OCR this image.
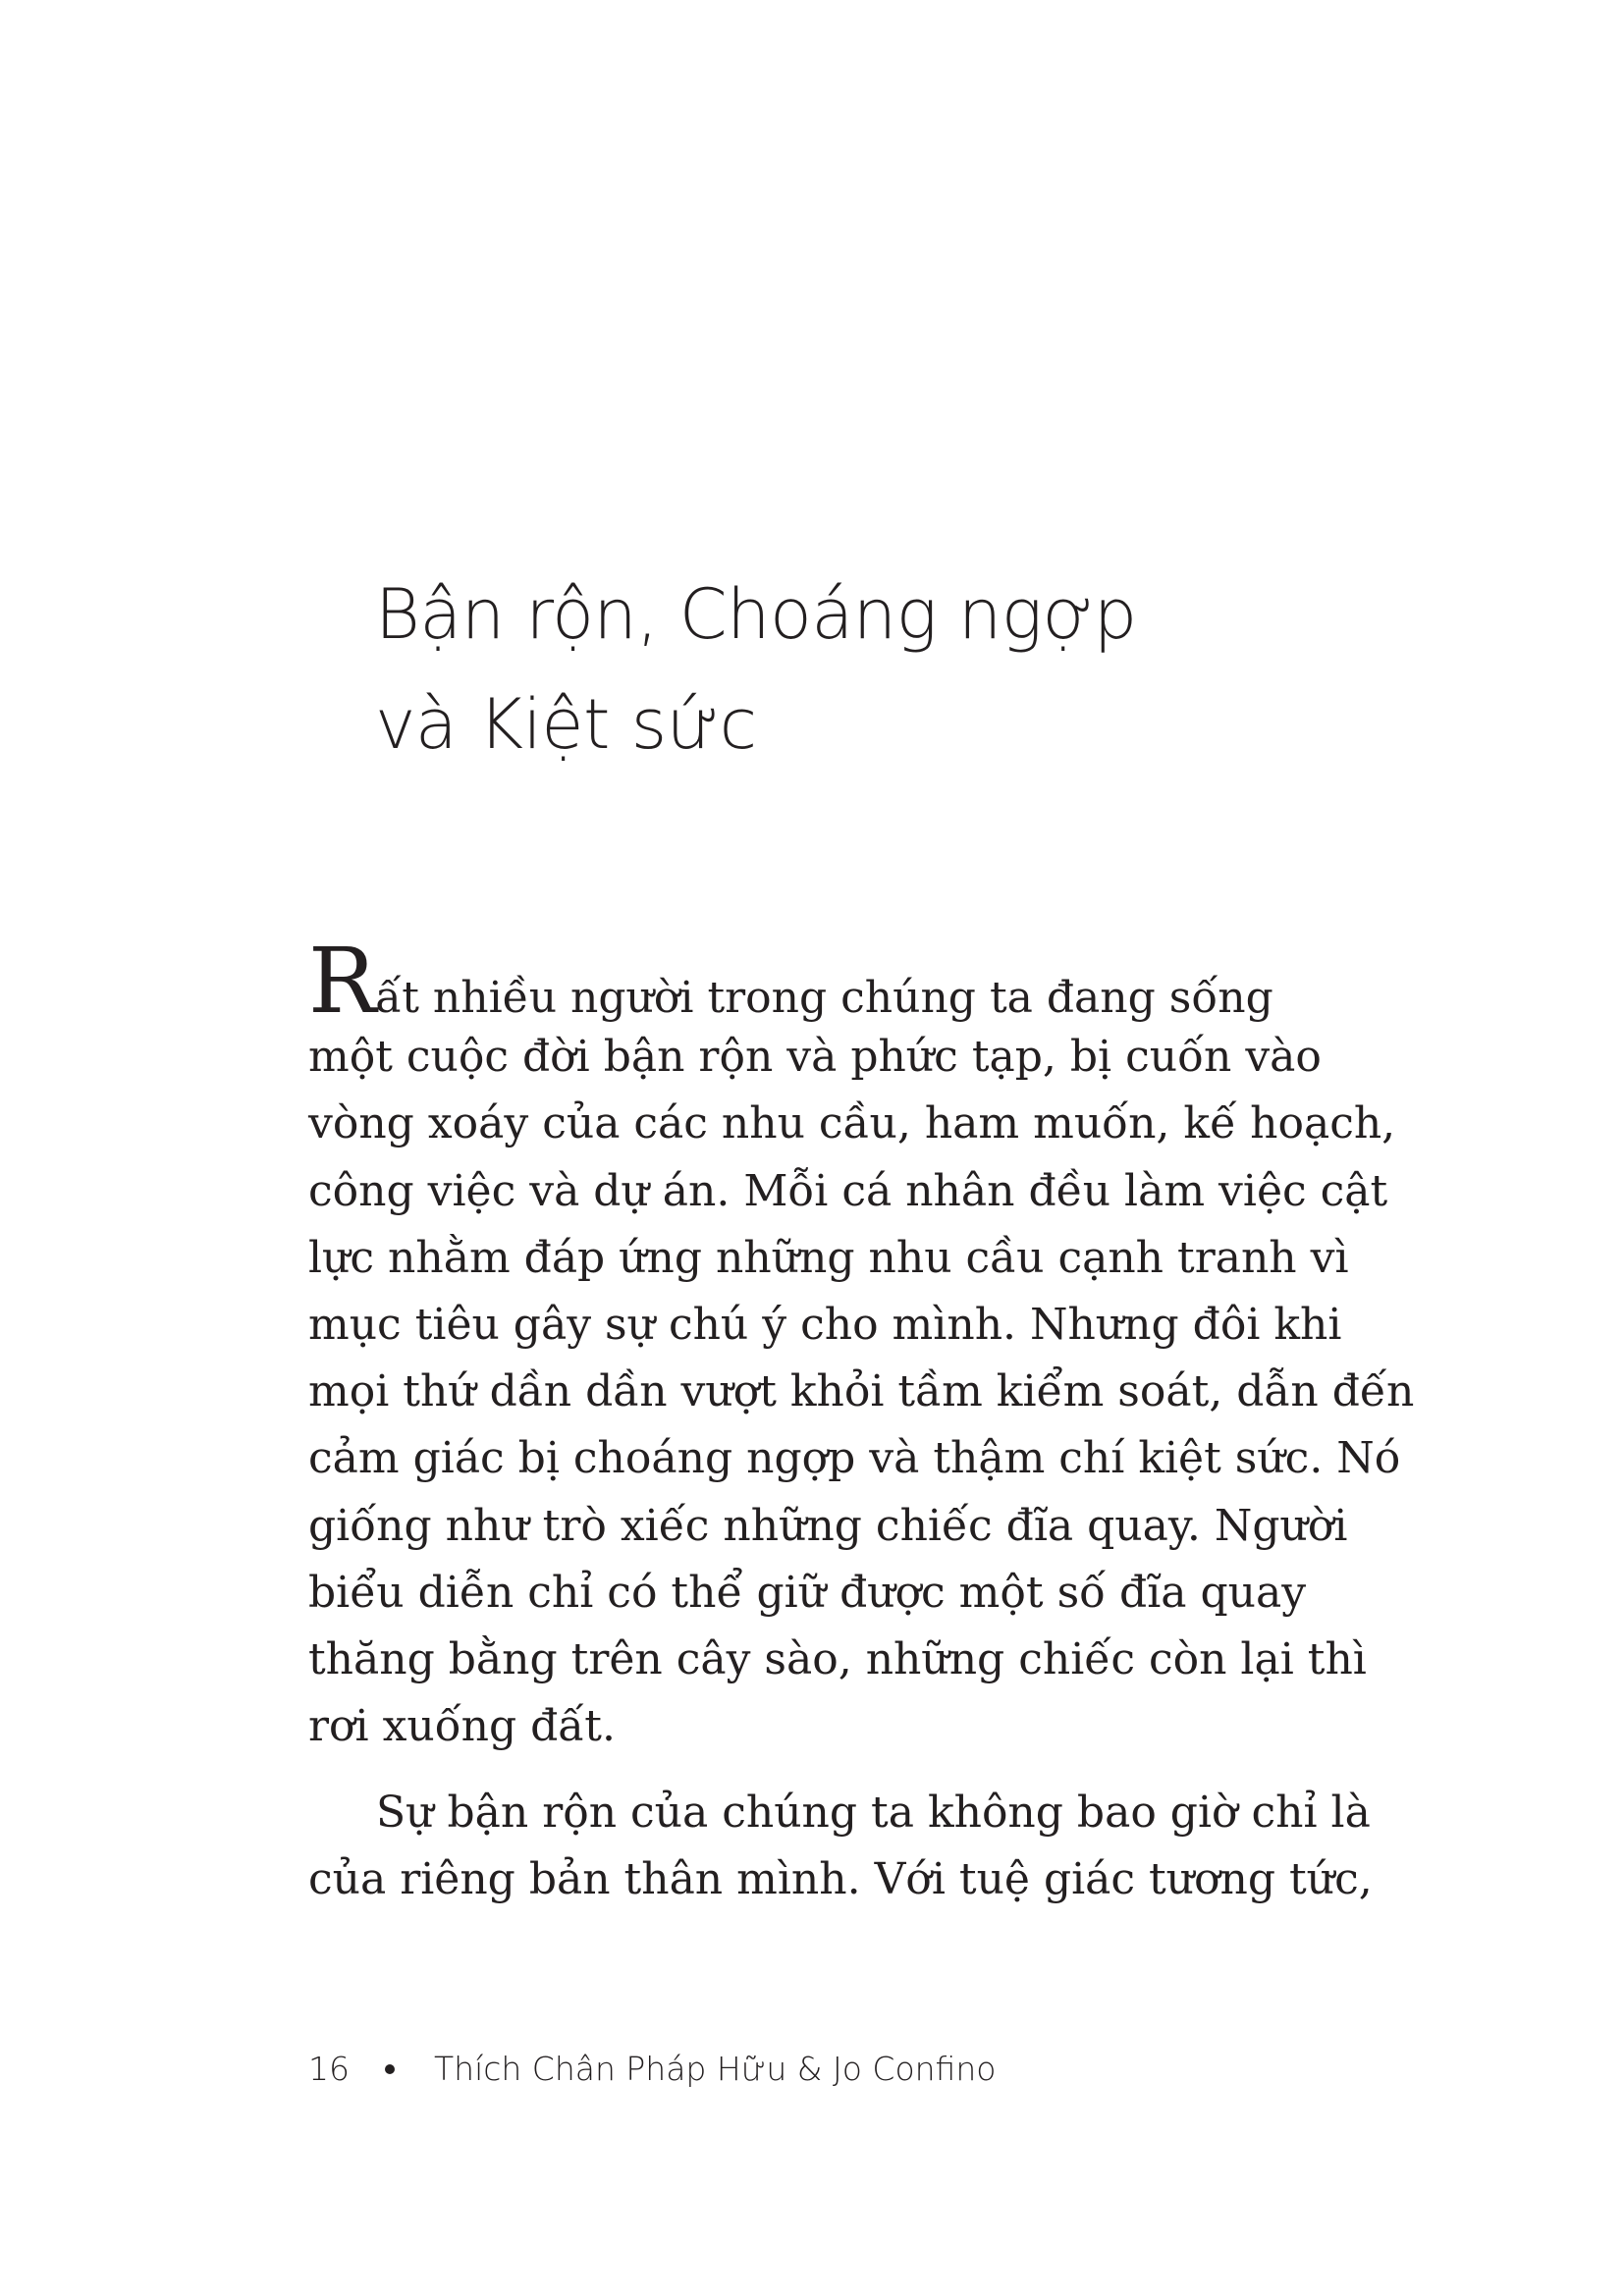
Bận rộn, Choáng ngợp
và Kiệt sức
Rất nhiều người trong chúng ta đang sống
một cuộc đời bận rộn và phức tạp, bị cuốn vào
vòng xoáy của các nhu cầu, ham muốn, kế hoạch,
công việc và dự án. Mỗi cá nhân đều làm việc cật
lực nhằm đáp ứng những nhu cầu cạnh tranh vì
mục tiêu gây sự chú ý cho mình. Nhưng đôi khi
mọi thứ dần dần vượt khỏi tầm kiểm soát, dẫn đến
cảm giác bị choáng ngợp và thậm chí kiệt sức. Nó
giống như trò xiếc những chiếc đĩa quay. Người
biểu diễn chỉ có thể giữ được một số đĩa quay
thăng bằng trên cây sào, những chiếc còn lại thì
rơi xuống đất.
Sự bận rộn của chúng ta không bao giờ chỉ là
của riêng bản thân mình. Với tuệ giác tương tức,
16	Thích Chân Pháp Hữu & Jo Confino
